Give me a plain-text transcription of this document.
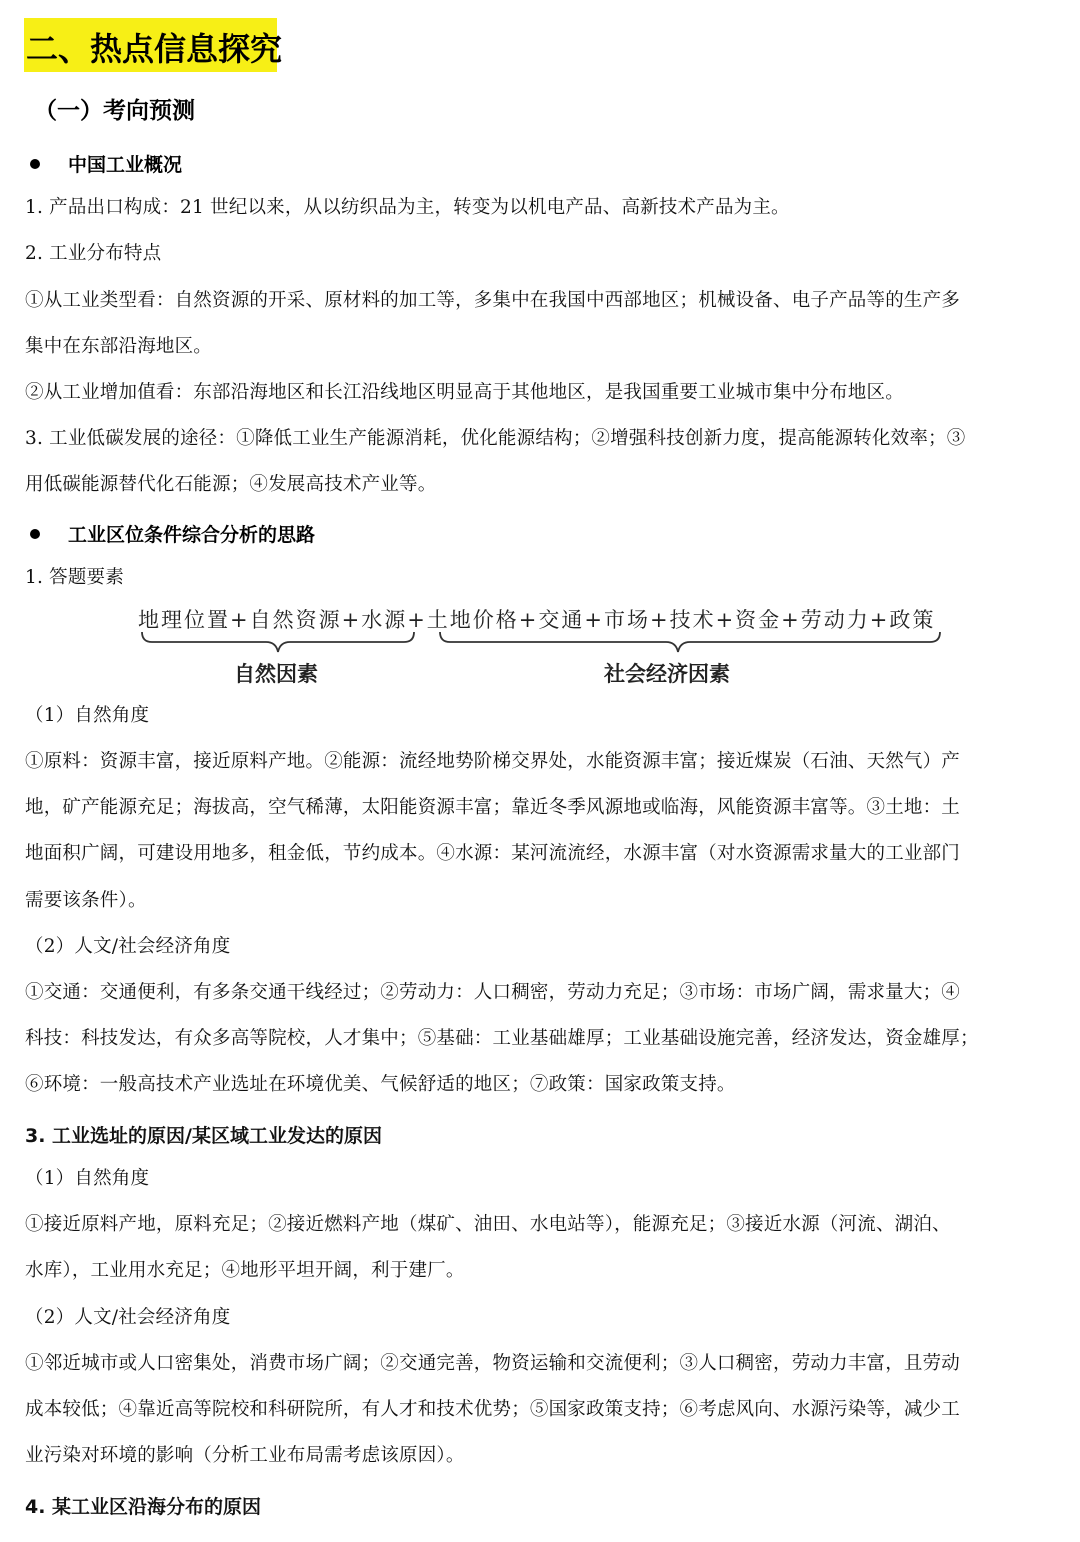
二、热点信息探究
（一）考向预测
中国工业概况
1. 产品出口构成：21 世纪以来，从以纺织品为主，转变为以机电产品、高新技术产品为主。
2. 工业分布特点
①从工业类型看：自然资源的开采、原材料的加工等，多集中在我国中西部地区；机械设备、电子产品等的生产多
集中在东部沿海地区。
②从工业增加值看：东部沿海地区和长江沿线地区明显高于其他地区，是我国重要工业城市集中分布地区。
3. 工业低碳发展的途径：①降低工业生产能源消耗，优化能源结构；②增强科技创新力度，提高能源转化效率；③
用低碳能源替代化石能源；④发展高技术产业等。
工业区位条件综合分析的思路
1. 答题要素
地理位置+自然资源+水源+土地价格+交通+市场+技术+资金+劳动力+政策
自然因素	社会经济因素
（1）自然角度
①原料：资源丰富，接近原料产地。②能源：流经地势阶梯交界处，水能资源丰富；接近煤炭（石油、天然气）产
地，矿产能源充足；海拔高，空气稀薄，太阳能资源丰富；靠近冬季风源地或临海，风能资源丰富等。③土地：土
地面积广阔，可建设用地多，租金低，节约成本。④水源：某河流流经，水源丰富（对水资源需求量大的工业部门
需要该条件）。
（2）人文/社会经济角度
①交通：交通便利，有多条交通干线经过；②劳动力：人口稠密，劳动力充足；③市场：市场广阔，需求量大；④
科技：科技发达，有众多高等院校，人才集中；⑤基础：工业基础雄厚；工业基础设施完善，经济发达，资金雄厚；
⑥环境：一般高技术产业选址在环境优美、气候舒适的地区；⑦政策：国家政策支持。
3. 工业选址的原因/某区域工业发达的原因
（1）自然角度
①接近原料产地，原料充足；②接近燃料产地（煤矿、油田、水电站等），能源充足；③接近水源（河流、湖泊、
水库），工业用水充足；④地形平坦开阔，利于建厂。
（2）人文/社会经济角度
①邻近城市或人口密集处，消费市场广阔；②交通完善，物资运输和交流便利；③人口稠密，劳动力丰富，且劳动
成本较低；④靠近高等院校和科研院所，有人才和技术优势；⑤国家政策支持；⑥考虑风向、水源污染等，减少工
业污染对环境的影响（分析工业布局需考虑该原因）。
4. 某工业区沿海分布的原因
